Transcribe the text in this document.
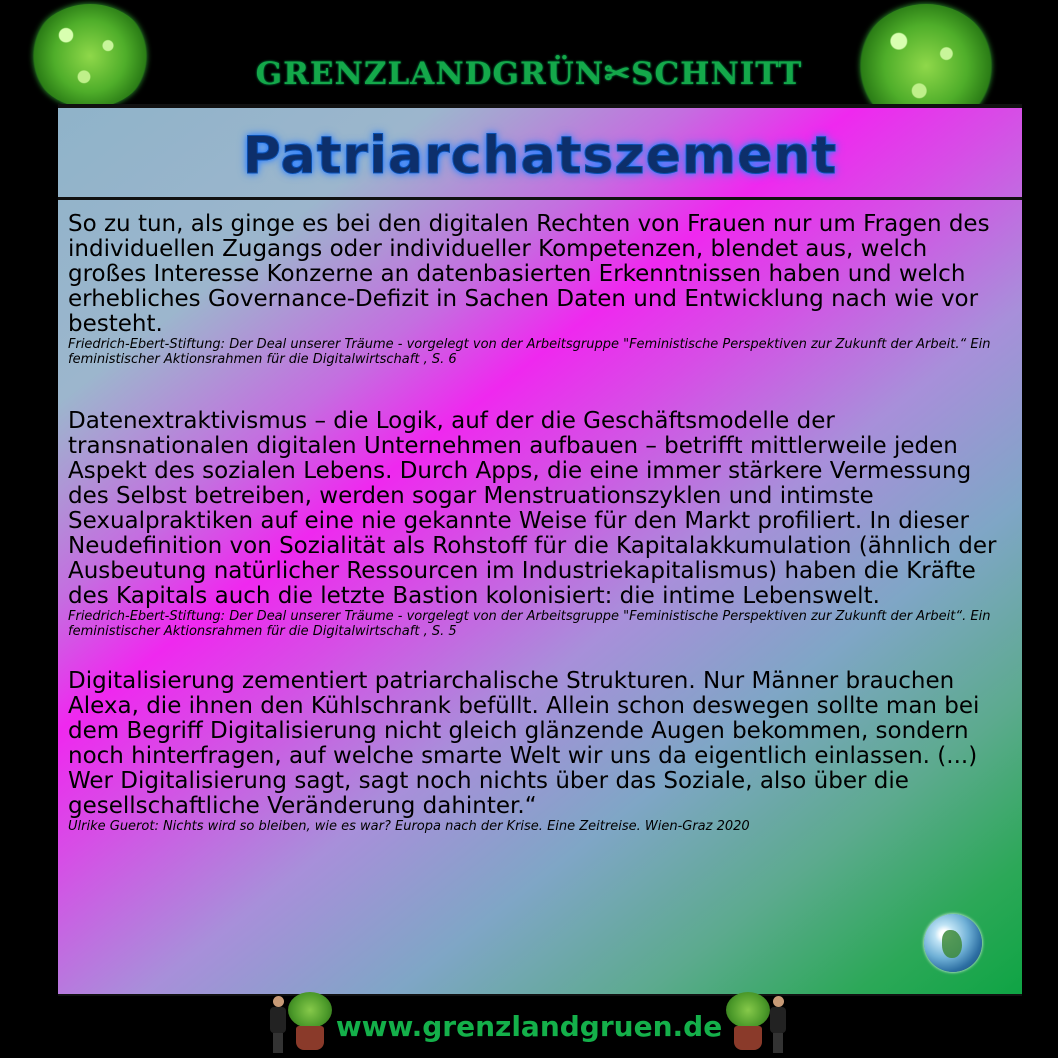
GRENZLANDGRÜN✂SCHNITT
Patriarchatszement

So zu tun, als ginge es bei den digitalen Rechten von Frauen nur um Fragen des individuellen Zugangs oder individueller Kompetenzen, blendet aus, welch großes Interesse Konzerne an datenbasierten Erkenntnissen haben und welch erhebliches Governance-Defizit in Sachen Daten und Entwicklung nach wie vor besteht.

Friedrich-Ebert-Stiftung: Der Deal unserer Träume - vorgelegt von der Arbeitsgruppe "Feministische Perspektiven zur Zukunft der Arbeit.“ Ein feministischer Aktionsrahmen für die Digitalwirtschaft , S. 6

Datenextraktivismus – die Logik, auf der die Geschäftsmodelle der transnationalen digitalen Unternehmen aufbauen – betrifft mittlerweile jeden Aspekt des sozialen Lebens. Durch Apps, die eine immer stärkere Vermessung des Selbst betreiben, werden sogar Menstruationszyklen und intimste Sexualpraktiken auf eine nie gekannte Weise für den Markt profiliert. In dieser Neudefinition von Sozialität als Rohstoff für die Kapitalakkumulation (ähnlich der Ausbeutung natürlicher Ressourcen im Industriekapitalismus) haben die Kräfte des Kapitals auch die letzte Bastion kolonisiert: die intime Lebenswelt.

Friedrich-Ebert-Stiftung: Der Deal unserer Träume - vorgelegt von der Arbeitsgruppe "Feministische Perspektiven zur Zukunft der Arbeit“. Ein feministischer Aktionsrahmen für die Digitalwirtschaft , S. 5

Digitalisierung zementiert patriarchalische Strukturen. Nur Männer brauchen Alexa, die ihnen den Kühlschrank befüllt. Allein schon deswegen sollte man bei dem Begriff Digitalisierung nicht gleich glänzende Augen bekommen, sondern noch hinterfragen, auf welche smarte Welt wir uns da eigentlich einlassen. (...) Wer Digitalisierung sagt, sagt noch nichts über das Soziale, also über die gesellschaftliche Veränderung dahinter.“

Ulrike Guerot: Nichts wird so bleiben, wie es war? Europa nach der Krise. Eine Zeitreise. Wien-Graz 2020

www.grenzlandgruen.de
